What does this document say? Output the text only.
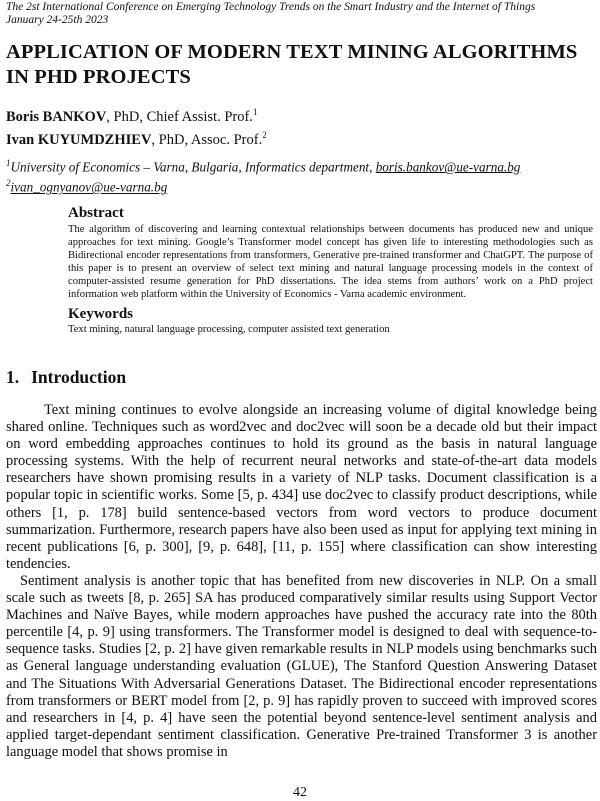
The 2st International Conference on Emerging Technology Trends on the Smart Industry and the Internet of Things
January 24-25th 2023
APPLICATION OF MODERN TEXT MINING ALGORITHMS IN PHD PROJECTS
Boris BANKOV, PhD, Chief Assist. Prof.$^1$
Ivan KUYUMDZHIEV, PhD, Assoc. Prof.$^2$
$^1$University of Economics – Varna, Bulgaria, Informatics department, boris.bankov@ue-varna.bg
$^2$ivan_ognyanov@ue-varna.bg
Abstract
The algorithm of discovering and learning contextual relationships between documents has produced new and unique approaches for text mining. Google’s Transformer model concept has given life to interesting methodologies such as Bidirectional encoder representations from transformers, Generative pre-trained transformer and ChatGPT. The purpose of this paper is to present an overview of select text mining and natural language processing models in the context of computer-assisted resume generation for PhD dissertations. The idea stems from authors’ work on a PhD project information web platform within the University of Economics - Varna academic environment.
Keywords
Text mining, natural language processing, computer assisted text generation
1. Introduction

Text mining continues to evolve alongside an increasing volume of digital knowledge being shared online. Techniques such as word2vec and doc2vec will soon be a decade old but their impact on word embedding approaches continues to hold its ground as the basis in natural language processing systems. With the help of recurrent neural networks and state-of-the-art data models researchers have shown promising results in a variety of NLP tasks. Document classification is a popular topic in scientific works. Some [5, p. 434] use doc2vec to classify product descriptions, while others [1, p. 178] build sentence-based vectors from word vectors to produce document summarization. Furthermore, research papers have also been used as input for applying text mining in recent publications [6, p. 300], [9, p. 648], [11, p. 155] where classification can show interesting tendencies.

Sentiment analysis is another topic that has benefited from new discoveries in NLP. On a small scale such as tweets [8, p. 265] SA has produced comparatively similar results using Support Vector Machines and Naïve Bayes, while modern approaches have pushed the accuracy rate into the 80th percentile [4, p. 9] using transformers. The Transformer model is designed to deal with sequence-to-sequence tasks. Studies [2, p. 2] have given remarkable results in NLP models using benchmarks such as General language understanding evaluation (GLUE), The Stanford Question Answering Dataset and The Situations With Adversarial Generations Dataset. The Bidirectional encoder representations from transformers or BERT model from [2, p. 9] has rapidly proven to succeed with improved scores and researchers in [4, p. 4] have seen the potential beyond sentence-level sentiment analysis and applied target-dependant sentiment classification. Generative Pre-trained Transformer 3 is another language model that shows promise in

42
